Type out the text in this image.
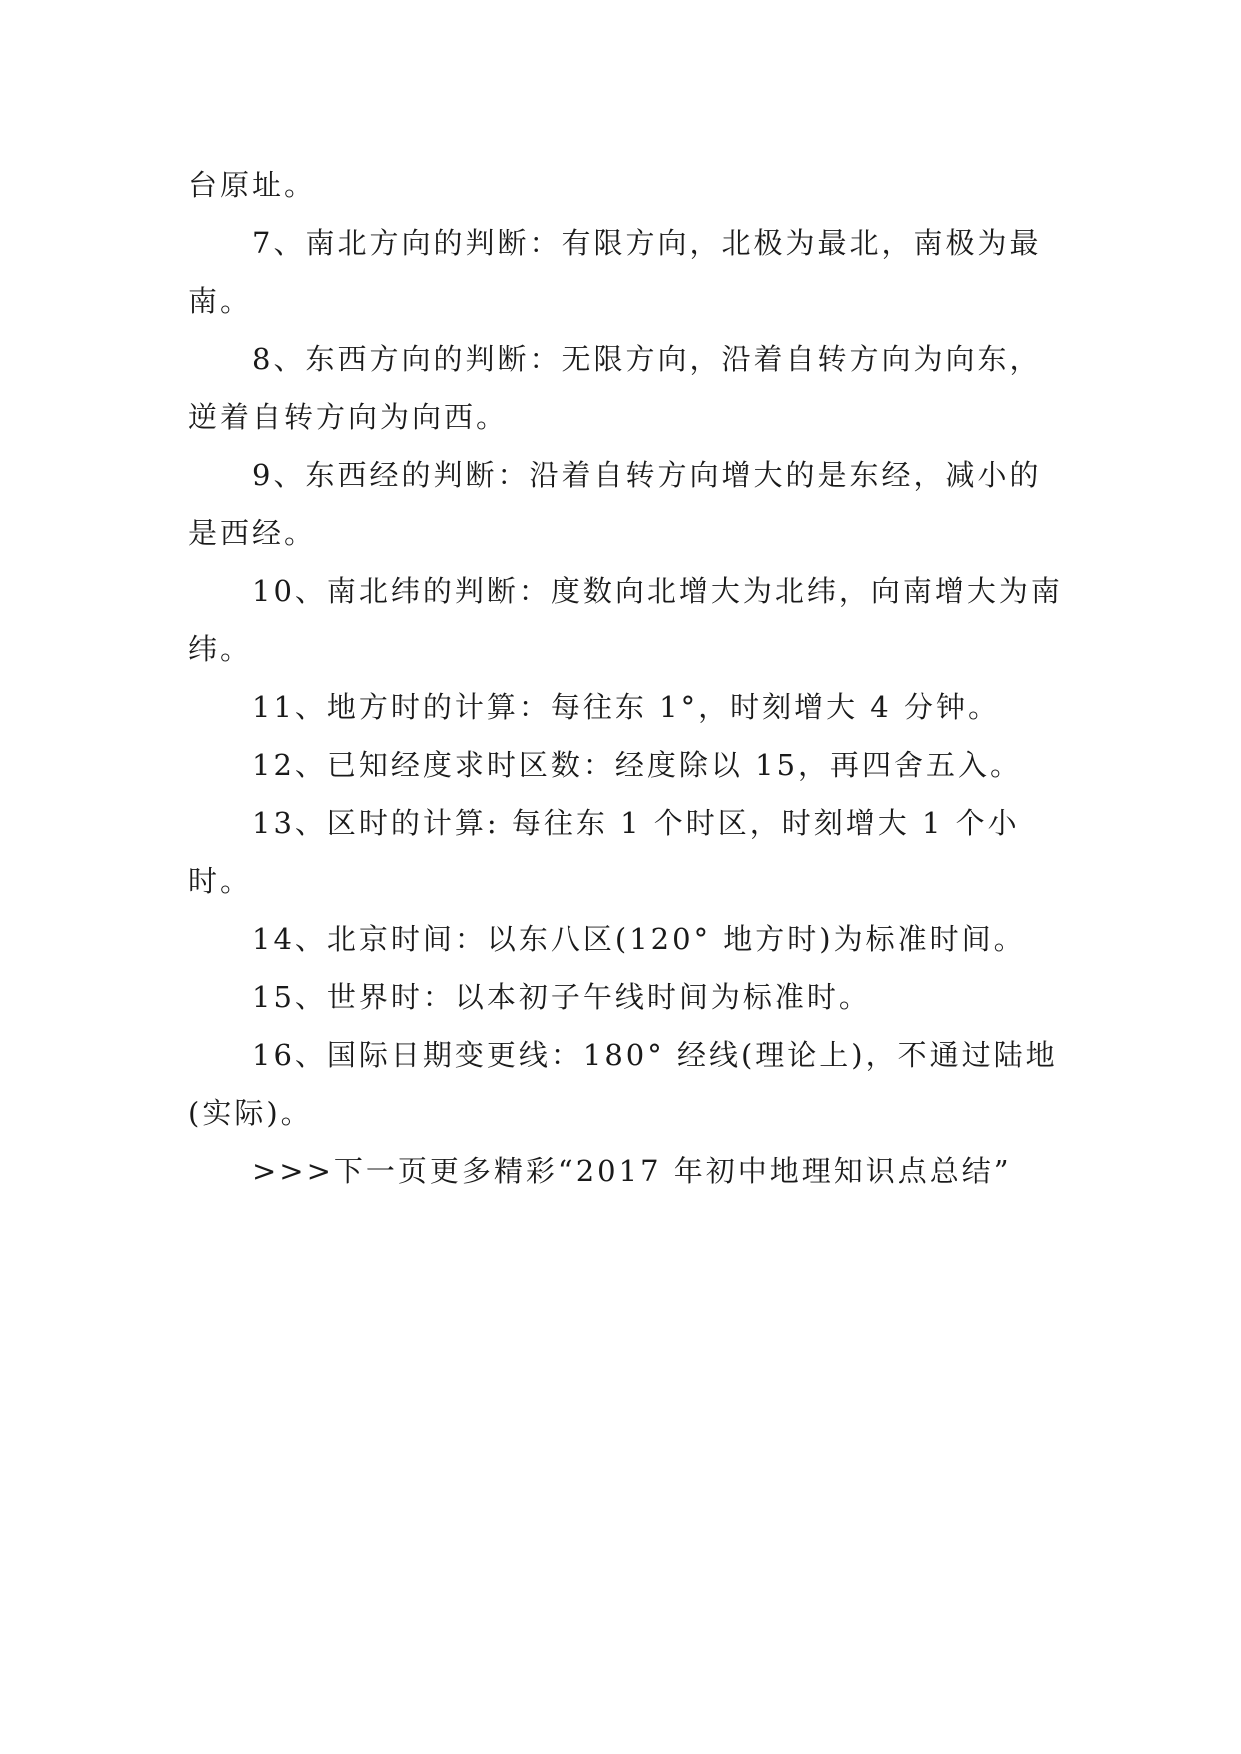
台原址。

7、南北方向的判断：有限方向，北极为最北，南极为最南。

8、东西方向的判断：无限方向，沿着自转方向为向东，逆着自转方向为向西。

9、东西经的判断：沿着自转方向增大的是东经，减小的是西经。

10、南北纬的判断：度数向北增大为北纬，向南增大为南纬。

11、地方时的计算：每往东 1°，时刻增大 4 分钟。

12、已知经度求时区数：经度除以 15，再四舍五入。

13、区时的计算: 每往东 1 个时区，时刻增大 1 个小时。

14、北京时间：以东八区(120° 地方时)为标准时间。

15、世界时：以本初子午线时间为标准时。

16、国际日期变更线：180° 经线(理论上)，不通过陆地(实际)。

>>>下一页更多精彩“2017 年初中地理知识点总结”
